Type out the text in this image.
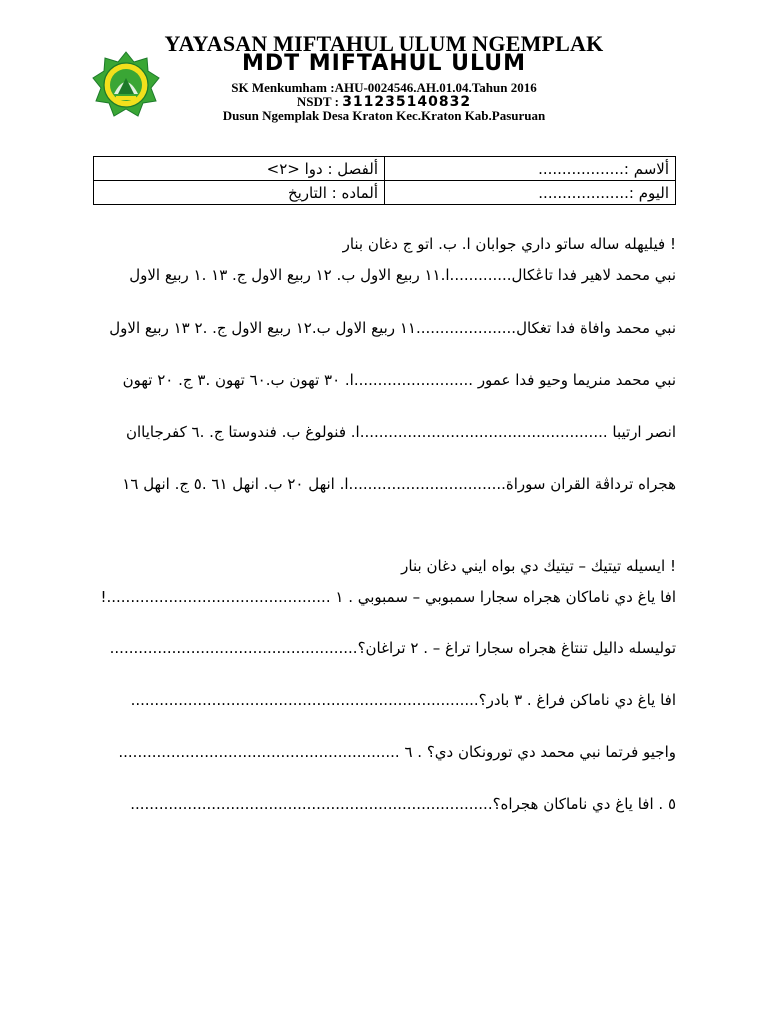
YAYASAN MIFTAHUL ULUM NGEMPLAK
MDT MIFTAHUL ULUM
SK Menkumham :AHU-0024546.AH.01.04.Tahun 2016
NSDT : 311235140832
Dusun Ngemplak Desa Kraton Kec.Kraton Kab.Pasuruan
ألاسم :..................	ألفصل : دوا <٢>
اليوم :...................	ألماده : التاريخ
! فيليهله ساله ساتو داري جوابان ا. ب. اتو ج دغان بنار
نبي محمد لاهير فدا تاڠكال.............ا.١١ ربيع الاول ب. ١٢ ربيع الاول ج. ١٣ .١ ربيع الاول
نبي محمد وافاة فدا تغكال.....................١١ ربيع الاول ب.١٢ ربيع الاول ج. .٢ ١٣ ربيع الاول
نبي محمد منريما وحيو فدا عمور .........................ا. ٣٠ تهون ب.٦٠ تهون .٣ ج. ٢٠ تهون
انصر ارتيبا ....................................................ا. فنولوغ ب. فندوستا ج. .٦ كفرجايا‌ان
هجراه ترداڤة القران سوراة.................................ا. انهل ٢٠ ب. انهل ٦١ .٥ ج. انهل ١٦
! ايسيله تيتيك – تيتيك دي بواه ايني دغان بنار
افا ياغ دي ناماكان هجراه سجارا سمبوبي – سمبوبي . ١ ...............................................!
توليسله داليل تنتاغ هجراه سجارا تراغ – . ٢ تراغان؟....................................................
افا ياغ دي ناماكن فراغ . ٣ بادر؟.........................................................................
واجيو فرتما نبي محمد دي تورونكان دي؟ . ٦ ...........................................................
٥ . افا ياغ دي ناماكان هجراه؟............................................................................
